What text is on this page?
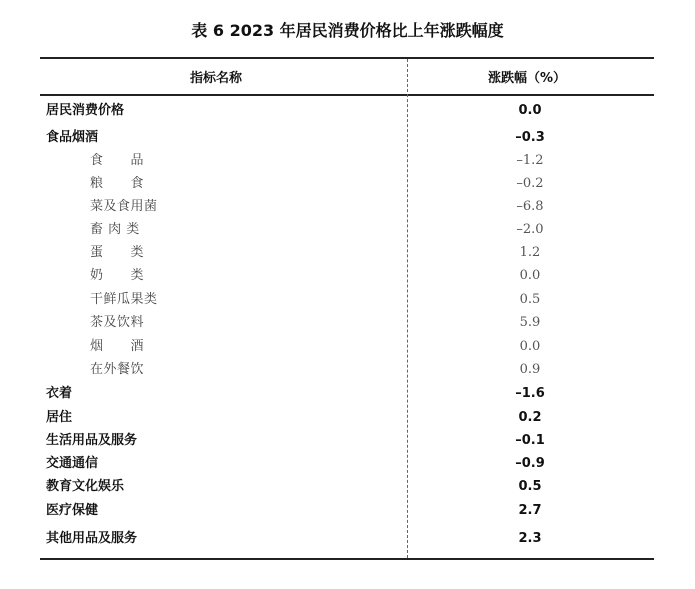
表 6 2023 年居民消费价格比上年涨跌幅度
指标名称	涨跌幅（%）
居民消费价格	0.0
食品烟酒	–0.3
食　　品	–1.2
粮　　食	–0.2
菜及食用菌	–6.8
畜 肉 类	–2.0
蛋　　类	1.2
奶　　类	0.0
干鲜瓜果类	0.5
茶及饮料	5.9
烟　　酒	0.0
在外餐饮	0.9
衣着	–1.6
居住	0.2
生活用品及服务	–0.1
交通通信	–0.9
教育文化娱乐	0.5
医疗保健	2.7
其他用品及服务	2.3
